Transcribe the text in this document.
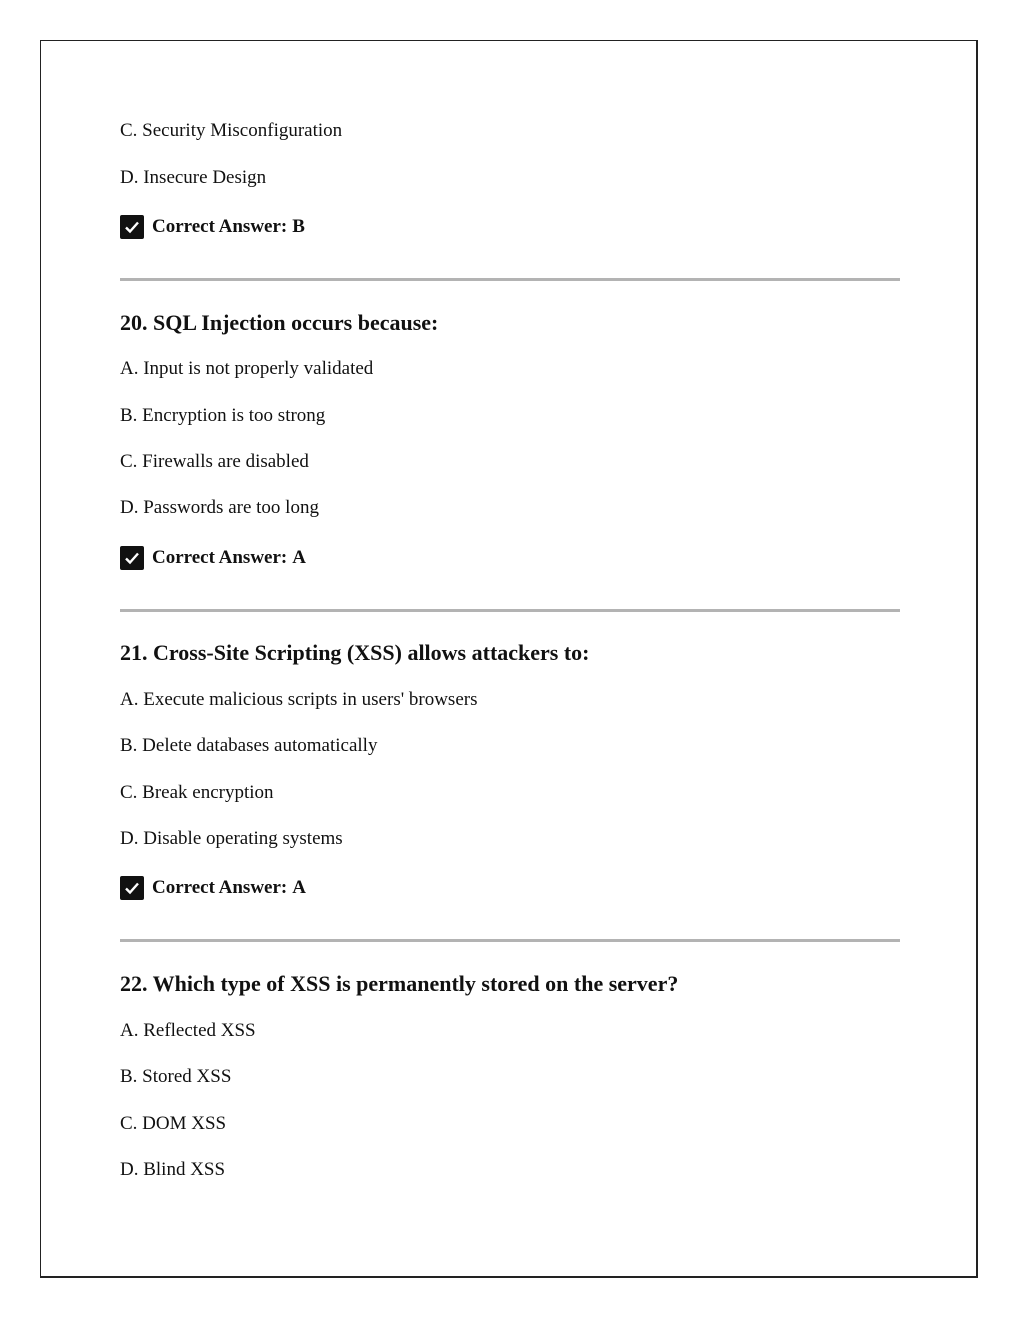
C. Security Misconfiguration
D. Insecure Design
Correct Answer: B
20. SQL Injection occurs because:
A. Input is not properly validated
B. Encryption is too strong
C. Firewalls are disabled
D. Passwords are too long
Correct Answer: A
21. Cross-Site Scripting (XSS) allows attackers to:
A. Execute malicious scripts in users' browsers
B. Delete databases automatically
C. Break encryption
D. Disable operating systems
Correct Answer: A
22. Which type of XSS is permanently stored on the server?
A. Reflected XSS
B. Stored XSS
C. DOM XSS
D. Blind XSS
